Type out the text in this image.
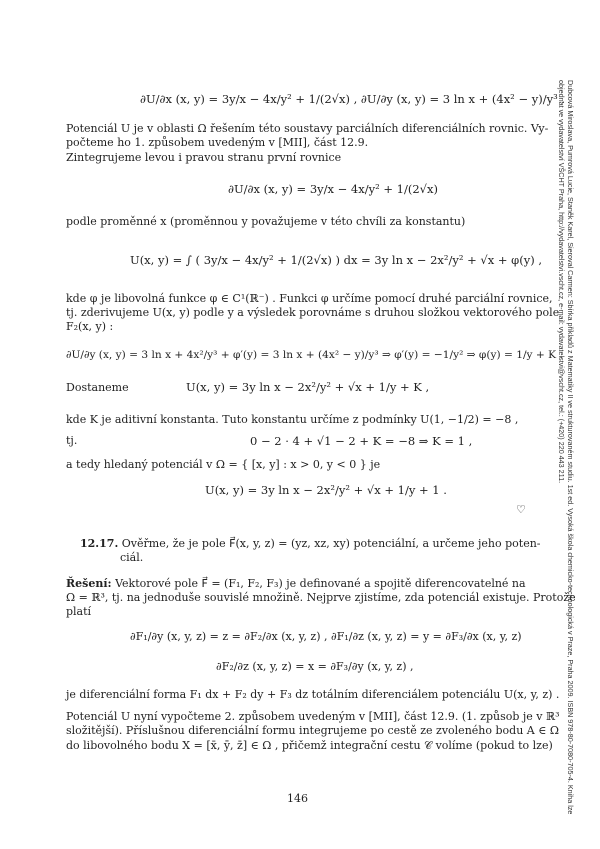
Dubcová Miroslava, Pumrová Lucie, Staněk Karel, Sieroval Carmen: Sbírka příkladů z Matematiky II ve strukturovaném studiu. 1st ed. Vysoká škola chemicko-technologická v Praze, Praha 2009. ISBN 978-80-7080-705-4. Kniha lze objednat ve vydavatelství VŠCHT Praha, http://vydavatelstvi.vscht.cz, e-mail: vydavatelstvi@vscht.cz, tel.: (+420) 220 443 211.
∂U/∂x (x, y) = 3y/x − 4x/y² + 1/(2√x) , ∂U/∂y (x, y) = 3 ln x + (4x² − y)/y³ .
Potenciál U je v oblasti Ω řešením této soustavy parciálních diferenciálních rovnic. Vy-
počteme ho 1. způsobem uvedeným v [MII], část 12.9.
Zintegrujeme levou i pravou stranu první rovnice
∂U/∂x (x, y) = 3y/x − 4x/y² + 1/(2√x)
podle proměnné x (proměnnou y považujeme v této chvíli za konstantu)
U(x, y) = ∫ ( 3y/x − 4x/y² + 1/(2√x) ) dx = 3y ln x − 2x²/y² + √x + φ(y) ,
kde φ je libovolná funkce φ ∈ C¹(ℝ⁻) . Funkci φ určíme pomocí druhé parciální rovnice,
tj. zderivujeme U(x, y) podle y a výsledek porovnáme s druhou složkou vektorového pole
F₂(x, y) :
∂U/∂y (x, y) = 3 ln x + 4x²/y³ + φ′(y) = 3 ln x + (4x² − y)/y³ ⇒ φ′(y) = −1/y² ⇒ φ(y) = 1/y + K .
Dostaneme	U(x, y) = 3y ln x − 2x²/y² + √x + 1/y + K ,
kde K je aditivní konstanta. Tuto konstantu určíme z podmínky U(1, −1/2) = −8 ,
tj.	0 − 2 · 4 + √1 − 2 + K = −8 ⇒ K = 1 ,
a tedy hledaný potenciál v Ω = { [x, y] : x > 0, y < 0 } je
U(x, y) = 3y ln x − 2x²/y² + √x + 1/y + 1 .
♡
12.17. Ověřme, že je pole F⃗(x, y, z) = (yz, xz, xy) potenciální, a určeme jeho poten-
ciál.
Řešení: Vektorové pole F⃗ = (F₁, F₂, F₃) je definované a spojitě diferencovatelné na
Ω = ℝ³, tj. na jednoduše souvislé množině. Nejprve zjistíme, zda potenciál existuje. Protože
platí
∂F₁/∂y (x, y, z) = z = ∂F₂/∂x (x, y, z) , ∂F₁/∂z (x, y, z) = y = ∂F₃/∂x (x, y, z)
∂F₂/∂z (x, y, z) = x = ∂F₃/∂y (x, y, z) ,
je diferenciální forma F₁ dx + F₂ dy + F₃ dz totálním diferenciálem potenciálu U(x, y, z) .
Potenciál U nyní vypočteme 2. způsobem uvedeným v [MII], část 12.9. (1. způsob je v ℝ³
složitější). Příslušnou diferenciální formu integrujeme po cestě ze zvoleného bodu A ∈ Ω
do libovolného bodu X = [x̄, ȳ, z̄] ∈ Ω , přičemž integrační cestu 𝒞 volíme (pokud to lze)
146
